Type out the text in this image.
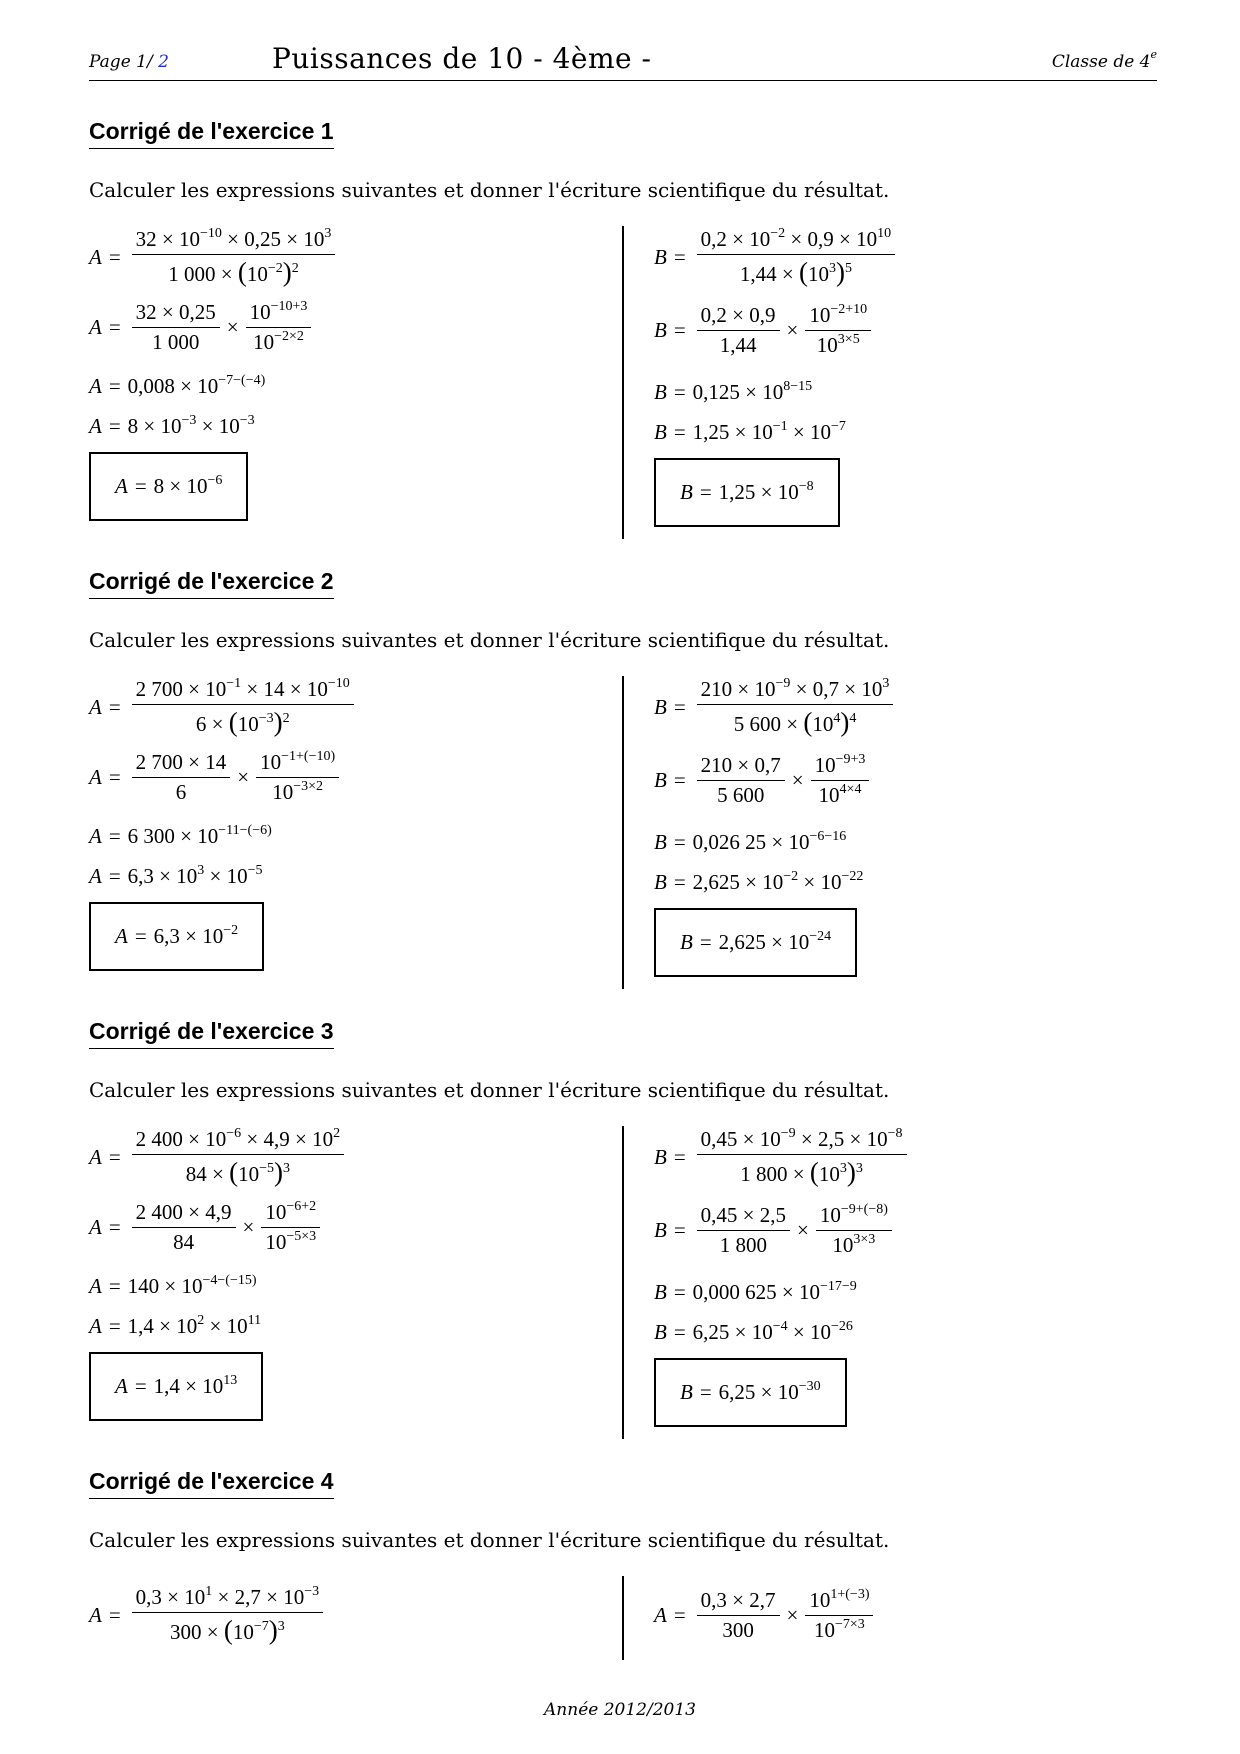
Page 1/ 2	Puissances de 10 - 4ème -	Classe de 4e
Corrigé de l'exercice 1
Calculer les expressions suivantes et donner l'écriture scientifique du résultat.
$A = \frac{32 \times 10^{-10} \times 0,25 \times 10^3}{1 000 \times (10^{-2})^2}$
$A = \frac{32 \times 0,25}{1 000} \times \frac{10^{-10+3}}{10^{-2\times 2}}$
$A = 0,008 \times 10^{-7-(-4)}$
$A = 8 \times 10^{-3} \times 10^{-3}$
$A = 8 \times 10^{-6}$
$B = \frac{0,2 \times 10^{-2} \times 0,9 \times 10^{10}}{1,44 \times (10^3)^5}$
$B = \frac{0,2 \times 0,9}{1,44} \times \frac{10^{-2+10}}{10^{3\times 5}}$
$B = 0,125 \times 10^{8-15}$
$B = 1,25 \times 10^{-1} \times 10^{-7}$
$B = 1,25 \times 10^{-8}$
Corrigé de l'exercice 2
Calculer les expressions suivantes et donner l'écriture scientifique du résultat.
$A = \frac{2 700 \times 10^{-1} \times 14 \times 10^{-10}}{6 \times (10^{-3})^2}$
$A = \frac{2 700 \times 14}{6} \times \frac{10^{-1+(-10)}}{10^{-3\times 2}}$
A = 6 $300 \times 10^{-11-(-6)}$
$A = 6,3 \times 10^3 \times 10^{-5}$
$A = 6,3 \times 10^{-2}$
$B = \frac{210 \times 10^{-9} \times 0,7 \times 10^3}{5 600 \times (10^4)^4}$
$B = \frac{210 \times 0,7}{5 600} \times \frac{10^{-9+3}}{10^{4\times 4}}$
B = 0,026 $25 \times 10^{-6-16}$
$B = 2,625 \times 10^{-2} \times 10^{-22}$
$B = 2,625 \times 10^{-24}$
Corrigé de l'exercice 3
Calculer les expressions suivantes et donner l'écriture scientifique du résultat.
$A = \frac{2 400 \times 10^{-6} \times 4,9 \times 10^2}{84 \times (10^{-5})^3}$
$A = \frac{2 400 \times 4,9}{84} \times \frac{10^{-6+2}}{10^{-5\times 3}}$
$A = 140 \times 10^{-4-(-15)}$
$A = 1,4 \times 10^2 \times 10^{11}$
$A = 1,4 \times 10^{13}$
$B = \frac{0,45 \times 10^{-9} \times 2,5 \times 10^{-8}}{1 800 \times (10^3)^3}$
$B = \frac{0,45 \times 2,5}{1 800} \times \frac{10^{-9+(-8)}}{10^{3\times 3}}$
B = 0,000 $625 \times 10^{-17-9}$
$B = 6,25 \times 10^{-4} \times 10^{-26}$
$B = 6,25 \times 10^{-30}$
Corrigé de l'exercice 4
Calculer les expressions suivantes et donner l'écriture scientifique du résultat.
$A = \frac{0,3 \times 10^1 \times 2,7 \times 10^{-3}}{300 \times (10^{-7})^3}$	$A = \frac{0,3 \times 2,7}{300} \times \frac{10^{1+(-3)}}{10^{-7\times 3}}$
Année 2012/2013
